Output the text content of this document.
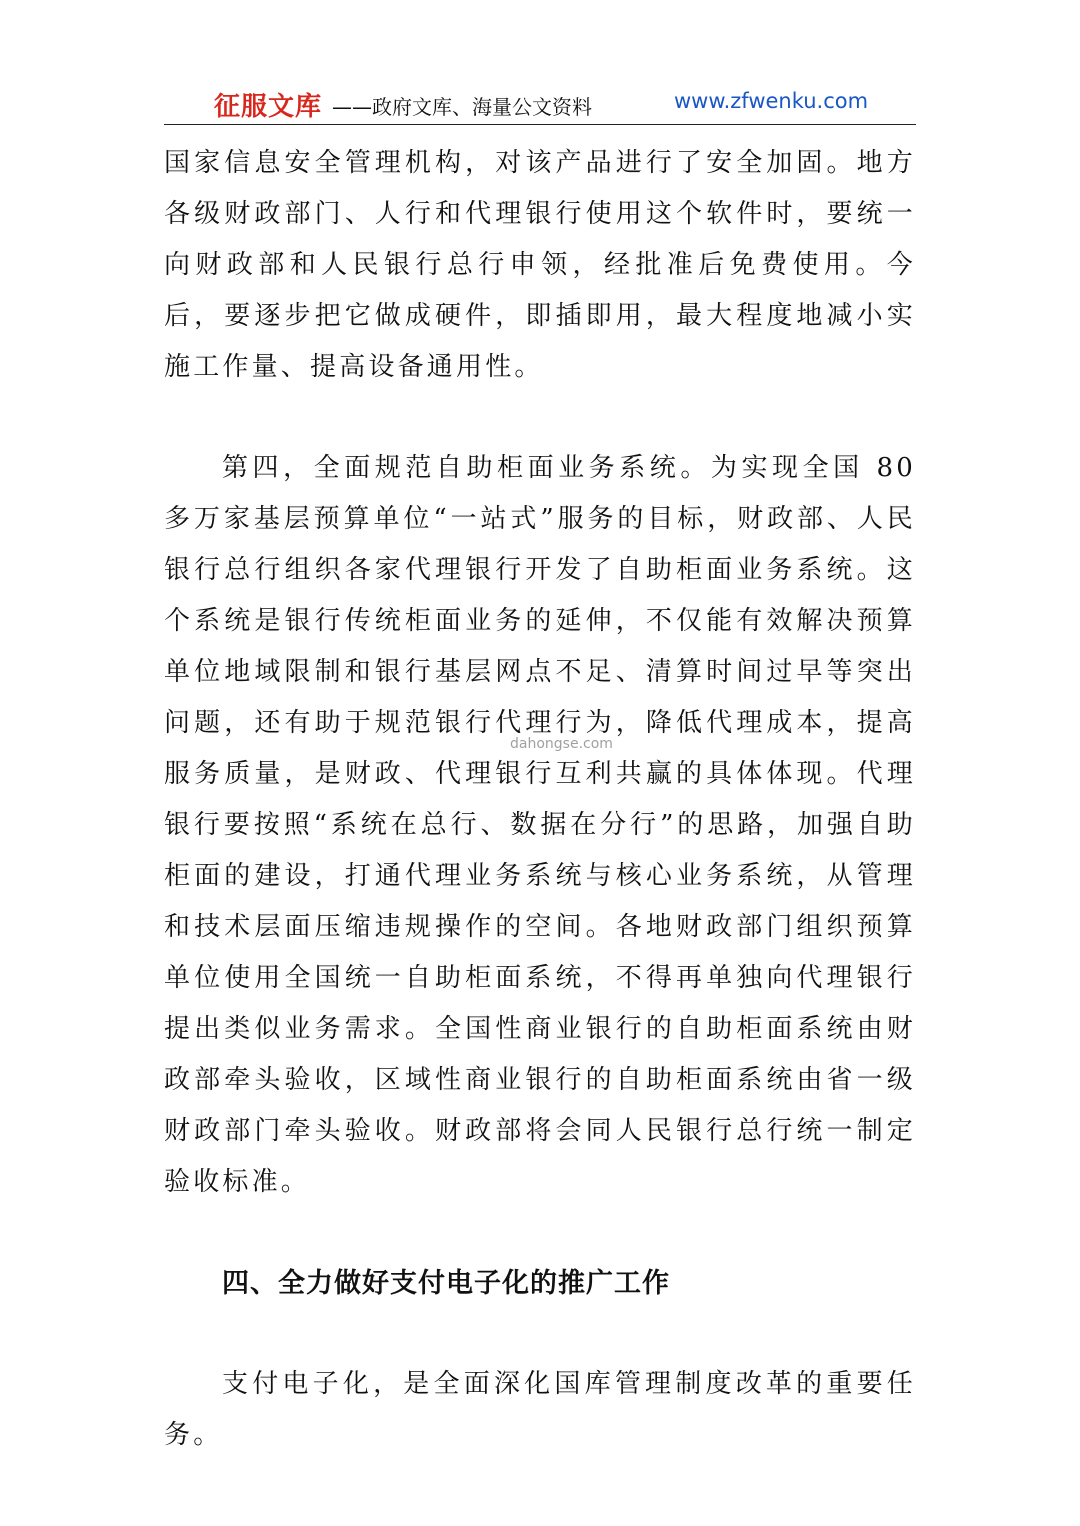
征服文库 ——政府文库、海量公文资料	www.zfwenku.com

国家信息安全管理机构，对该产品进行了安全加固。地方各级财政部门、人行和代理银行使用这个软件时，要统一向财政部和人民银行总行申领，经批准后免费使用。今后，要逐步把它做成硬件，即插即用，最大程度地减小实施工作量、提高设备通用性。

第四，全面规范自助柜面业务系统。为实现全国 80 多万家基层预算单位“一站式”服务的目标，财政部、人民银行总行组织各家代理银行开发了自助柜面业务系统。这个系统是银行传统柜面业务的延伸，不仅能有效解决预算单位地域限制和银行基层网点不足、清算时间过早等突出问题，还有助于规范银行代理行为，降低代理成本，提高服务质量，是财政、代理银行互利共赢的具体体现。代理银行要按照“系统在总行、数据在分行”的思路，加强自助柜面的建设，打通代理业务系统与核心业务系统，从管理和技术层面压缩违规操作的空间。各地财政部门组织预算单位使用全国统一自助柜面系统，不得再单独向代理银行提出类似业务需求。全国性商业银行的自助柜面系统由财政部牵头验收，区域性商业银行的自助柜面系统由省一级财政部门牵头验收。财政部将会同人民银行总行统一制定验收标准。

四、全力做好支付电子化的推广工作

支付电子化，是全面深化国库管理制度改革的重要任务。

dahongse.com
